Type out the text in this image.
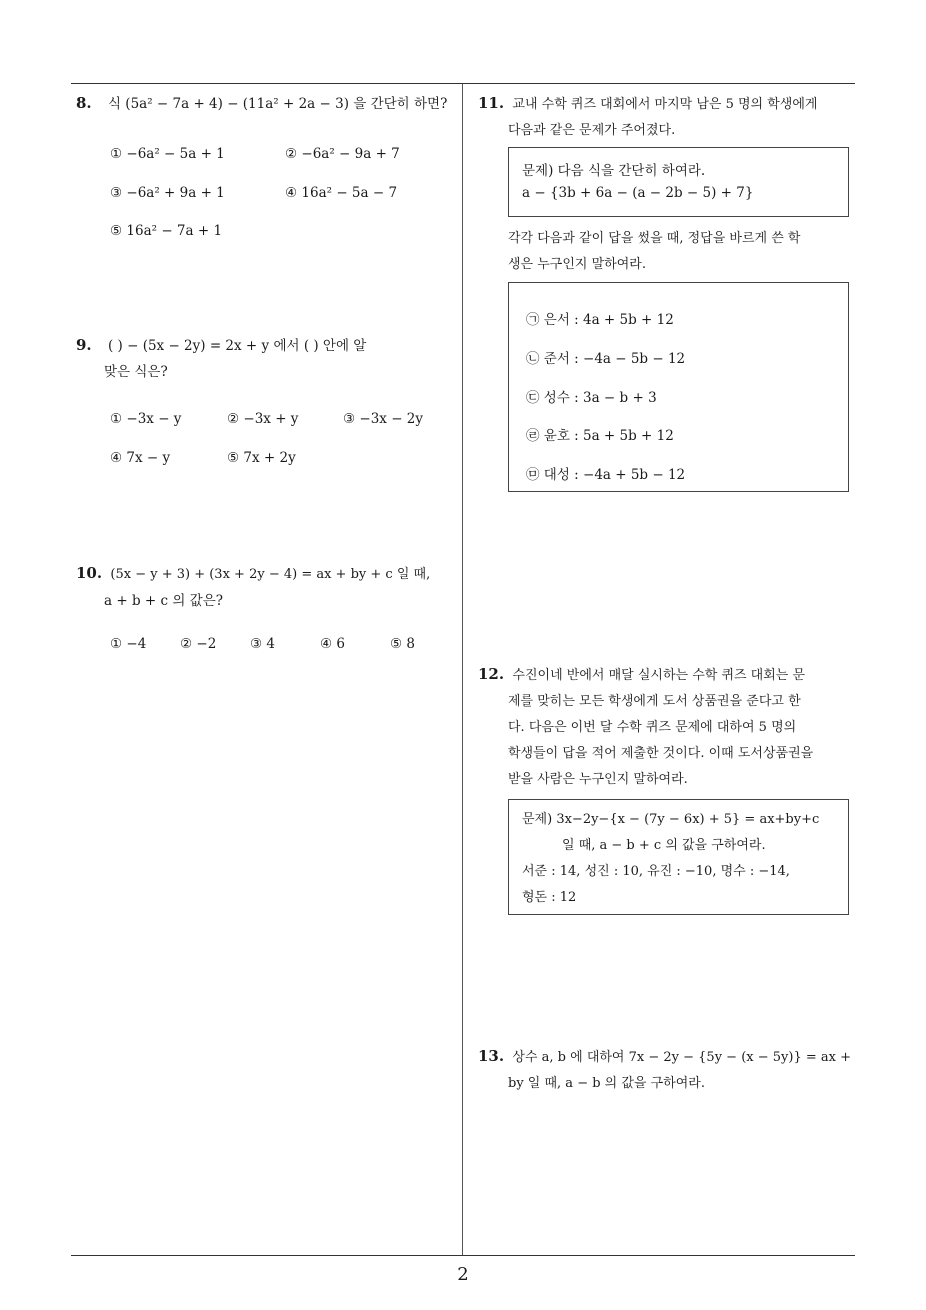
8. 식 (5a² − 7a + 4) − (11a² + 2a − 3) 을 간단히 하면?
① −6a² − 5a + 1	② −6a² − 9a + 7
③ −6a² + 9a + 1	④ 16a² − 5a − 7
⑤ 16a² − 7a + 1
9. ( ) − (5x − 2y) = 2x + y 에서 ( ) 안에 알
맞은 식은?
① −3x − y	② −3x + y	③ −3x − 2y
④ 7x − y	⑤ 7x + 2y
10. (5x − y + 3) + (3x + 2y − 4) = ax + by + c 일 때,
a + b + c 의 값은?
① −4 ② −2 ③ 4	④ 6	⑤ 8
11. 교내 수학 퀴즈 대회에서 마지막 남은 5 명의 학생에게
다음과 같은 문제가 주어졌다.
문제) 다음 식을 간단히 하여라.
a − {3b + 6a − (a − 2b − 5) + 7}
각각 다음과 같이 답을 썼을 때, 정답을 바르게 쓴 학
생은 누구인지 말하여라.
㉠ 은서 : 4a + 5b + 12
㉡ 준서 : −4a − 5b − 12
㉢ 성수 : 3a − b + 3
㉣ 윤호 : 5a + 5b + 12
㉤ 대성 : −4a + 5b − 12
12. 수진이네 반에서 매달 실시하는 수학 퀴즈 대회는 문
제를 맞히는 모든 학생에게 도서 상품권을 준다고 한
다. 다음은 이번 달 수학 퀴즈 문제에 대하여 5 명의
학생들이 답을 적어 제출한 것이다. 이때 도서상품권을
받을 사람은 누구인지 말하여라.
문제) 3x−2y−{x − (7y − 6x) + 5} = ax+by+c
일 때, a − b + c 의 값을 구하여라.
서준 : 14, 성진 : 10, 유진 : −10, 명수 : −14,
형돈 : 12
13. 상수 a, b 에 대하여 7x − 2y − {5y − (x − 5y)} = ax +
by 일 때, a − b 의 값을 구하여라.
2
